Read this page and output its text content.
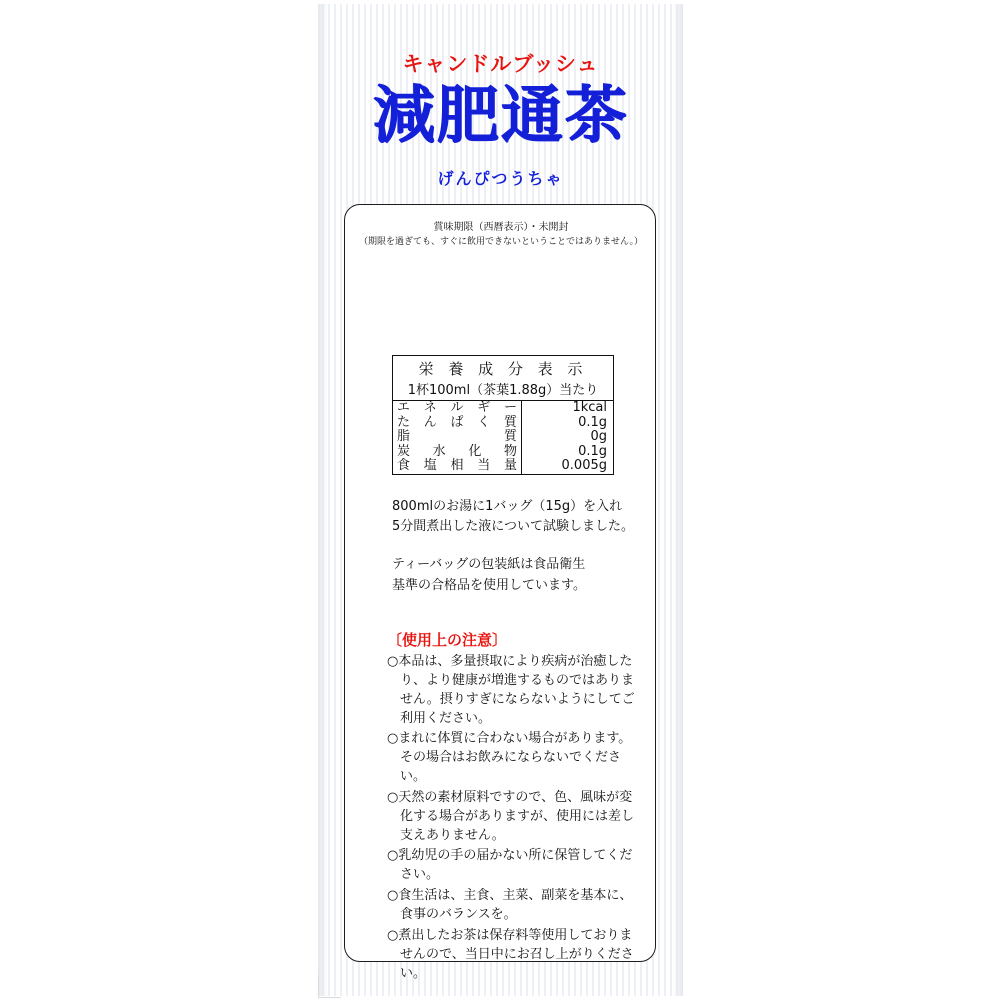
キャンドルブッシュ
減肥通茶
げんぴつうちゃ
賞味期限（西暦表示）・未開封
（期限を過ぎても、すぐに飲用できないということではありません。）
栄 養 成 分 表 示
1杯100ml（茶葉1.88g）当たり
エネルギー	1kcal
たんぱく質	0.1g
脂質	0g
炭水化物	0.1g
食塩相当量	0.005g
800mlのお湯に1バッグ（15g）を入れ
5分間煮出した液について試験しました。
ティーバッグの包装紙は食品衛生
基準の合格品を使用しています。
〔使用上の注意〕
○本品は、多量摂取により疾病が治癒したり、より健康が増進するものではありません。摂りすぎにならないようにしてご利用ください。
○まれに体質に合わない場合があります。その場合はお飲みにならないでください。
○天然の素材原料ですので、色、風味が変化する場合がありますが、使用には差し支えありません。
○乳幼児の手の届かない所に保管してください。
○食生活は、主食、主菜、副菜を基本に、食事のバランスを。
○煮出したお茶は保存料等使用しておりませんので、当日中にお召し上がりください。
